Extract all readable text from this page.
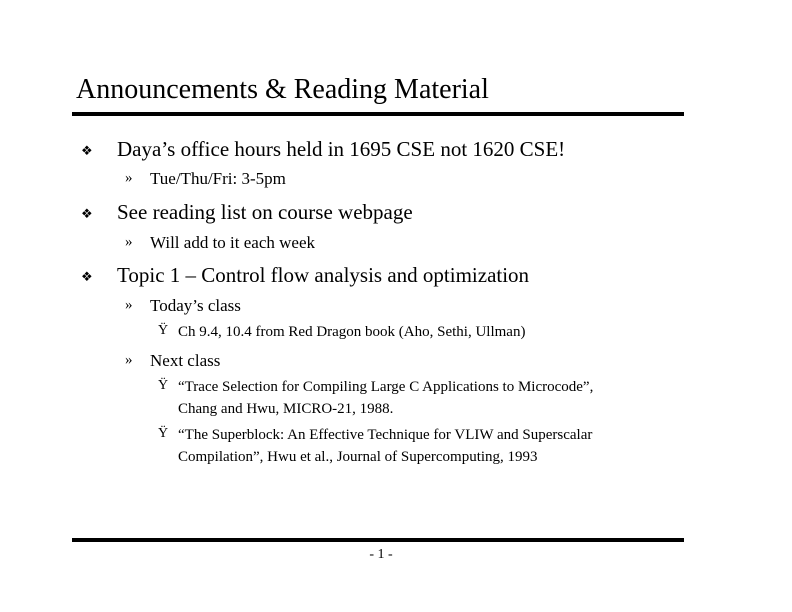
Announcements & Reading Material
❖ Daya’s office hours held in 1695 CSE not 1620 CSE!
» Tue/Thu/Fri: 3-5pm
❖ See reading list on course webpage
» Will add to it each week
❖ Topic 1 – Control flow analysis and optimization
» Today’s class
Ÿ Ch 9.4, 10.4 from Red Dragon book (Aho, Sethi, Ullman)
» Next class
Ÿ “Trace Selection for Compiling Large C Applications to Microcode”,
Chang and Hwu, MICRO-21, 1988.
Ÿ “The Superblock: An Effective Technique for VLIW and Superscalar
Compilation”, Hwu et al., Journal of Supercomputing, 1993
- 1 -
